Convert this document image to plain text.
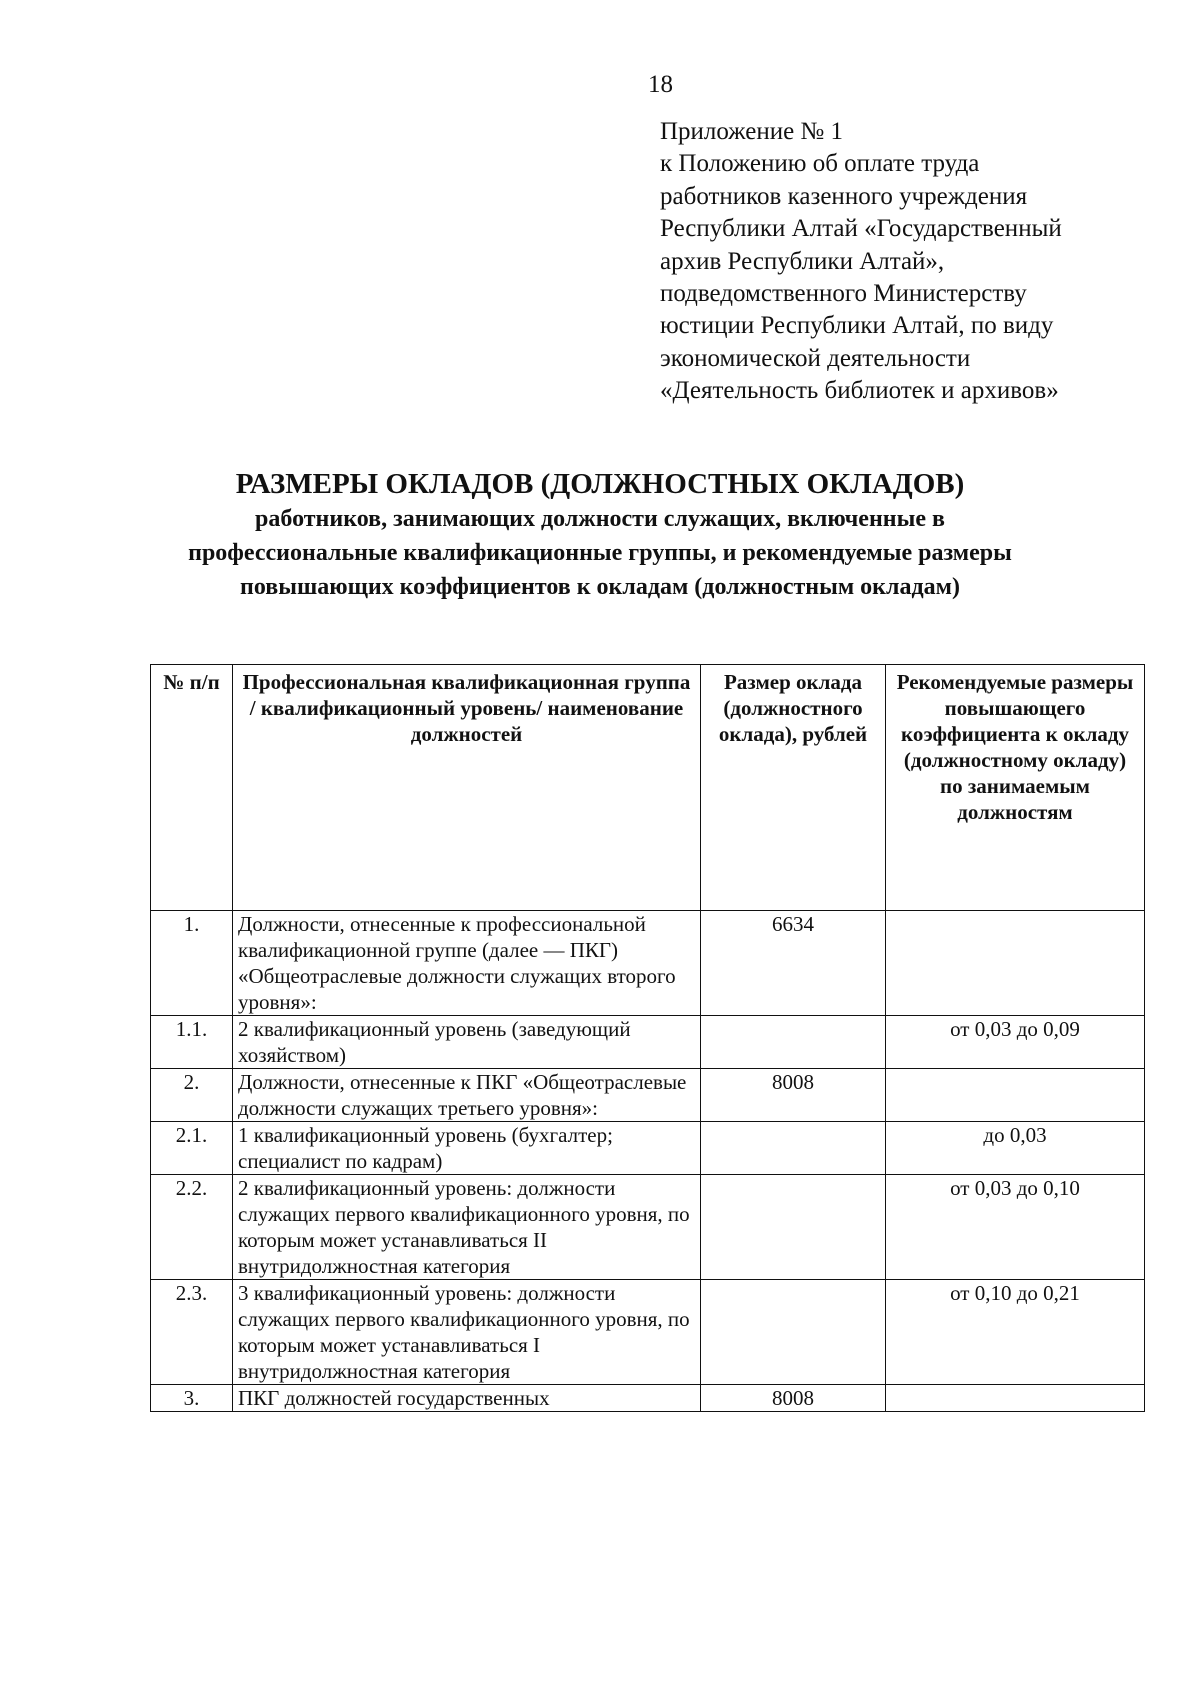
18
Приложение № 1
к Положению об оплате труда
работников казенного учреждения
Республики Алтай «Государственный
архив Республики Алтай»,
подведомственного Министерству
юстиции Республики Алтай, по виду
экономической деятельности
«Деятельность библиотек и архивов»
РАЗМЕРЫ ОКЛАДОВ (ДОЛЖНОСТНЫХ ОКЛАДОВ)
работников, занимающих должности служащих, включенные в
профессиональные квалификационные группы, и рекомендуемые размеры
повышающих коэффициентов к окладам (должностным окладам)
№ п/п	Профессиональная квалификационная группа / квалификационный уровень/ наименование должностей	Размер оклада (должностного оклада), рублей	Рекомендуемые размеры повышающего коэффициента к окладу (должностному окладу) по занимаемым должностям
1.	Должности, отнесенные к профессиональной квалификационной группе (далее — ПКГ) «Общеотраслевые должности служащих второго уровня»:	6634	
1.1.	2 квалификационный уровень (заведующий хозяйством)		от 0,03 до 0,09
2.	Должности, отнесенные к ПКГ «Общеотраслевые должности служащих третьего уровня»:	8008	
2.1.	1 квалификационный уровень (бухгалтер; специалист по кадрам)		до 0,03
2.2.	2 квалификационный уровень: должности служащих первого квалификационного уровня, по которым может устанавливаться II внутридолжностная категория		от 0,03 до 0,10
2.3.	3 квалификационный уровень: должности служащих первого квалификационного уровня, по которым может устанавливаться I внутридолжностная категория		от 0,10 до 0,21
3.	ПКГ должностей государственных	8008	
